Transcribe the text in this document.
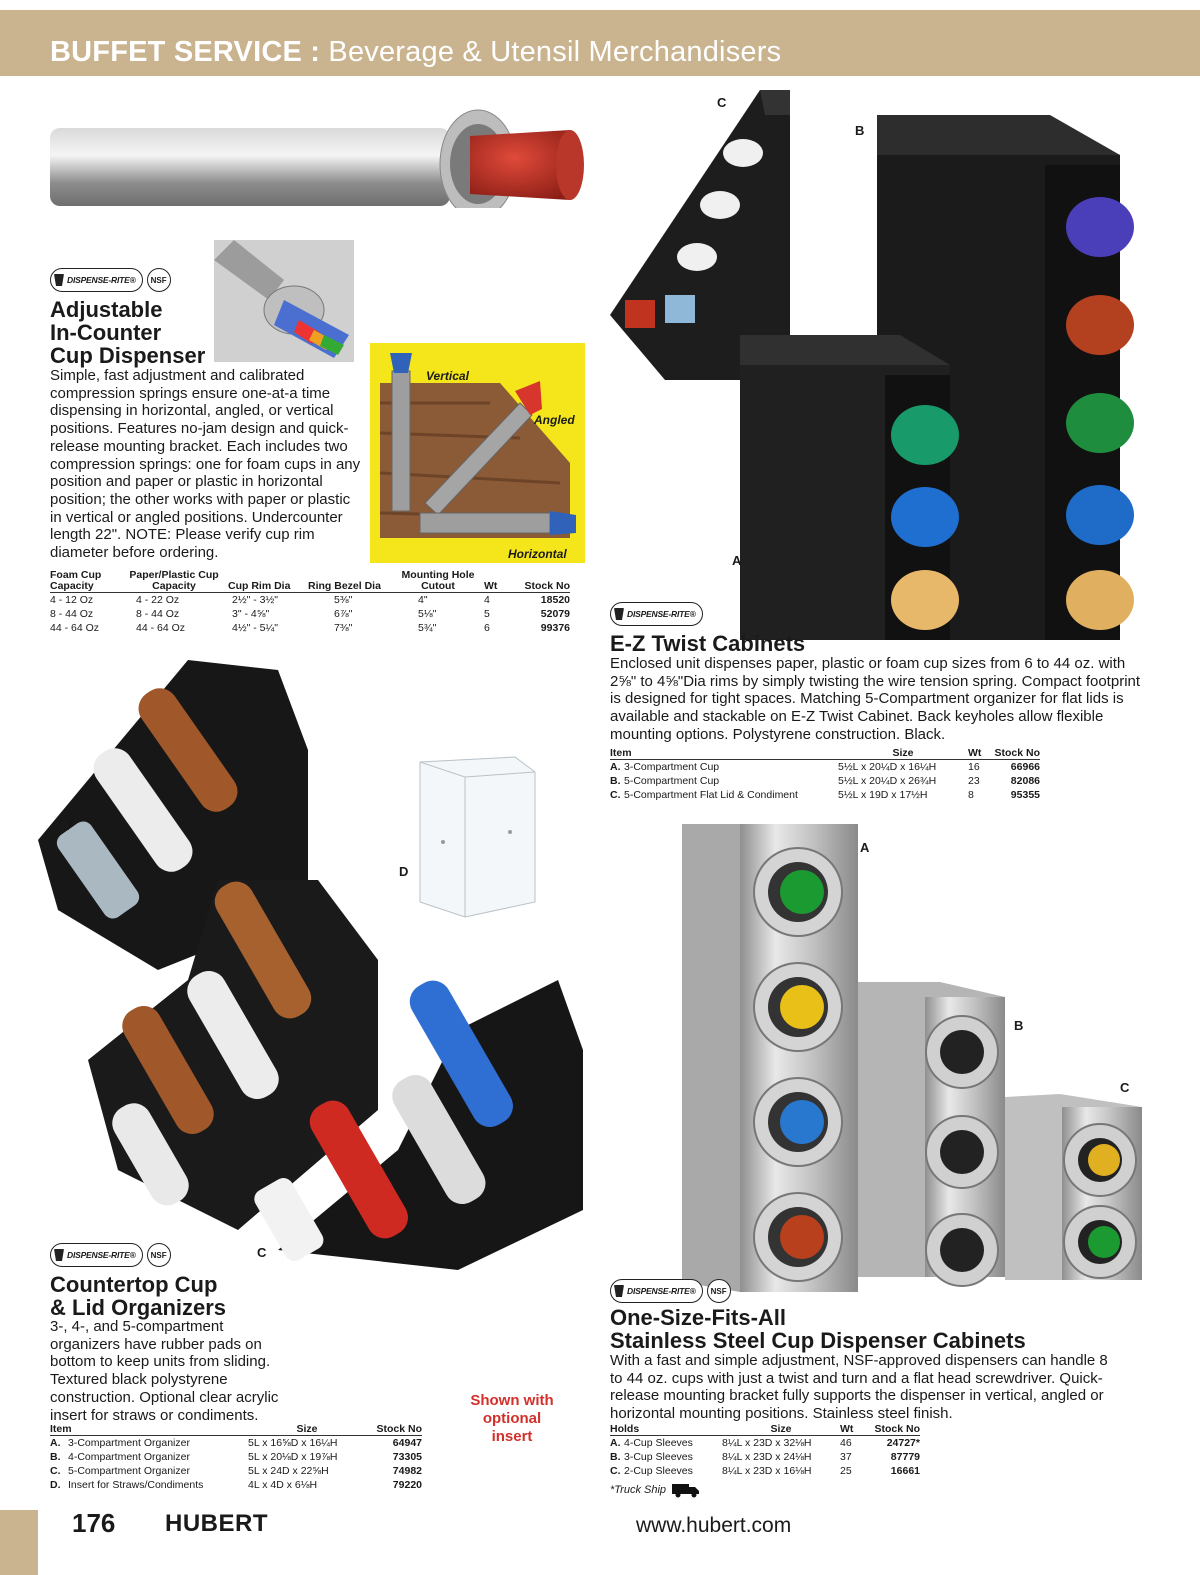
BUFFET SERVICE : Beverage & Utensil Merchandisers
DISPENSE-RITE®	NSF
Adjustable
In-Counter
Cup Dispenser
Simple, fast adjustment and calibrated compression springs ensure one-at-a time dispensing in horizontal, angled, or vertical positions. Features no-jam design and quick-release mounting bracket. Each includes two compression springs: one for foam cups in any position and paper or plastic in horizontal position; the other works with paper or plastic in vertical or angled positions. Undercounter length 22". NOTE: Please verify cup rim diameter before ordering.
Vertical
Angled
Horizontal
Foam Cup Capacity	Paper/Plastic Cup Capacity	Cup Rim Dia	Ring Bezel Dia	Mounting Hole Cutout	Wt	Stock No
4 - 12 Oz	4 - 22 Oz	2½" - 3½"	5⅜"	4"	4	18520
8 - 44 Oz	8 - 44 Oz	3" - 4⅝"	6⅞"	5⅛"	5	52079
44 - 64 Oz	44 - 64 Oz	4½" - 5¼"	7⅜"	5¾"	6	99376
C
B
A
DISPENSE-RITE®
E-Z Twist Cabinets
Enclosed unit dispenses paper, plastic or foam cup sizes from 6 to 44 oz. with 2⅝" to 4⅝"Dia rims by simply twisting the wire tension spring. Compact footprint is designed for tight spaces. Matching 5-Compartment organizer for flat lids is available and stackable on E-Z Twist Cabinet. Back keyholes allow flexible mounting options. Polystyrene construction. Black.
Item		Size	Wt	Stock No
A.	3-Compartment Cup	5½L x 20¼D x 16¼H	16	66966
B.	5-Compartment Cup	5½L x 20¼D x 26¾H	23	82086
C.	5-Compartment Flat Lid & Condiment	5½L x 19D x 17½H	8	95355
A
B
C
D
DISPENSE-RITE®	NSF
Countertop Cup
& Lid Organizers
3-, 4-, and 5-compartment organizers have rubber pads on bottom to keep units from sliding. Textured black polystyrene construction. Optional clear acrylic insert for straws or condiments.
Shown with
optional insert
Item		Size	Stock No
A.	3-Compartment Organizer	5L x 16⅝D x 16¼H	64947
B.	4-Compartment Organizer	5L x 20⅛D x 19⅞H	73305
C.	5-Compartment Organizer	5L x 24D x 22⅝H	74982
D.	Insert for Straws/Condiments	4L x 4D x 6⅛H	79220
A
B
C
DISPENSE-RITE®	NSF
One-Size-Fits-All
Stainless Steel Cup Dispenser Cabinets
With a fast and simple adjustment, NSF-approved dispensers can handle 8 to 44 oz. cups with just a twist and turn and a flat head screwdriver. Quick-release mounting bracket fully supports the dispenser in vertical, angled or horizontal mounting positions. Stainless steel finish.
Holds		Size	Wt	Stock No
A.	4-Cup Sleeves	8¼L x 23D x 32⅛H	46	24727*
B.	3-Cup Sleeves	8¼L x 23D x 24⅛H	37	87779
C.	2-Cup Sleeves	8¼L x 23D x 16⅛H	25	16661
*Truck Ship
176 HUBERT	www.hubert.com
